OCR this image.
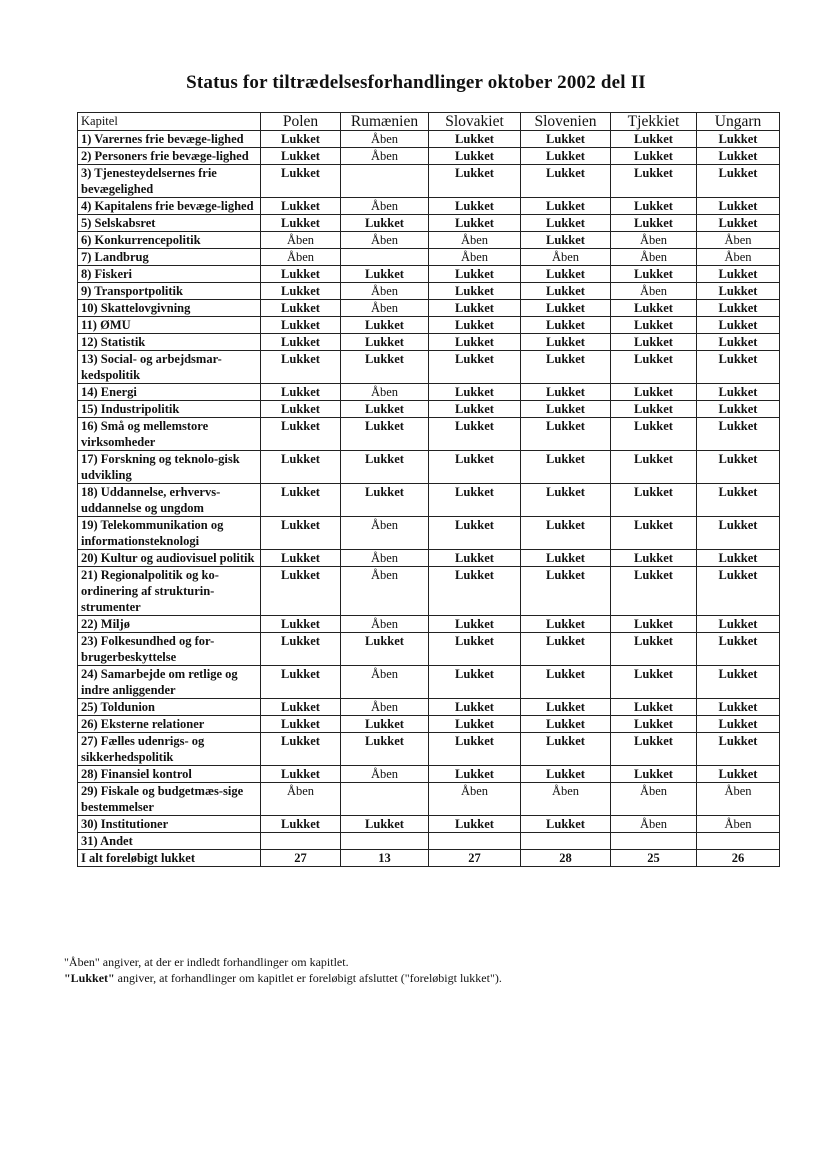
Status for tiltrædelsesforhandlinger oktober 2002 del II
Kapitel	Polen	Rumænien	Slovakiet	Slovenien	Tjekkiet	Ungarn
1) Varernes frie bevæge-lighed	Lukket	Åben	Lukket	Lukket	Lukket	Lukket
2) Personers frie bevæge-lighed	Lukket	Åben	Lukket	Lukket	Lukket	Lukket
3) Tjenesteydelsernes frie bevægelighed	Lukket		Lukket	Lukket	Lukket	Lukket
4) Kapitalens frie bevæge-lighed	Lukket	Åben	Lukket	Lukket	Lukket	Lukket
5) Selskabsret	Lukket	Lukket	Lukket	Lukket	Lukket	Lukket
6) Konkurrencepolitik	Åben	Åben	Åben	Lukket	Åben	Åben
7) Landbrug	Åben		Åben	Åben	Åben	Åben
8) Fiskeri	Lukket	Lukket	Lukket	Lukket	Lukket	Lukket
9) Transportpolitik	Lukket	Åben	Lukket	Lukket	Åben	Lukket
10) Skattelovgivning	Lukket	Åben	Lukket	Lukket	Lukket	Lukket
11) ØMU	Lukket	Lukket	Lukket	Lukket	Lukket	Lukket
12) Statistik	Lukket	Lukket	Lukket	Lukket	Lukket	Lukket
13) Social- og arbejdsmar-kedspolitik	Lukket	Lukket	Lukket	Lukket	Lukket	Lukket
14) Energi	Lukket	Åben	Lukket	Lukket	Lukket	Lukket
15) Industripolitik	Lukket	Lukket	Lukket	Lukket	Lukket	Lukket
16) Små og mellemstore virksomheder	Lukket	Lukket	Lukket	Lukket	Lukket	Lukket
17) Forskning og teknolo-gisk udvikling	Lukket	Lukket	Lukket	Lukket	Lukket	Lukket
18) Uddannelse, erhvervs-uddannelse og ungdom	Lukket	Lukket	Lukket	Lukket	Lukket	Lukket
19) Telekommunikation og informationsteknologi	Lukket	Åben	Lukket	Lukket	Lukket	Lukket
20) Kultur og audiovisuel politik	Lukket	Åben	Lukket	Lukket	Lukket	Lukket
21) Regionalpolitik og ko-ordinering af strukturin-strumenter	Lukket	Åben	Lukket	Lukket	Lukket	Lukket
22) Miljø	Lukket	Åben	Lukket	Lukket	Lukket	Lukket
23) Folkesundhed og for-brugerbeskyttelse	Lukket	Lukket	Lukket	Lukket	Lukket	Lukket
24) Samarbejde om retlige og indre anliggender	Lukket	Åben	Lukket	Lukket	Lukket	Lukket
25) Toldunion	Lukket	Åben	Lukket	Lukket	Lukket	Lukket
26) Eksterne relationer	Lukket	Lukket	Lukket	Lukket	Lukket	Lukket
27) Fælles udenrigs- og sikkerhedspolitik	Lukket	Lukket	Lukket	Lukket	Lukket	Lukket
28) Finansiel kontrol	Lukket	Åben	Lukket	Lukket	Lukket	Lukket
29) Fiskale og budgetmæs-sige bestemmelser	Åben		Åben	Åben	Åben	Åben
30) Institutioner	Lukket	Lukket	Lukket	Lukket	Åben	Åben
31) Andet						
I alt foreløbigt lukket	27	13	27	28	25	26
"Åben" angiver, at der er indledt forhandlinger om kapitlet.
"Lukket" angiver, at forhandlinger om kapitlet er foreløbigt afsluttet ("foreløbigt lukket").
